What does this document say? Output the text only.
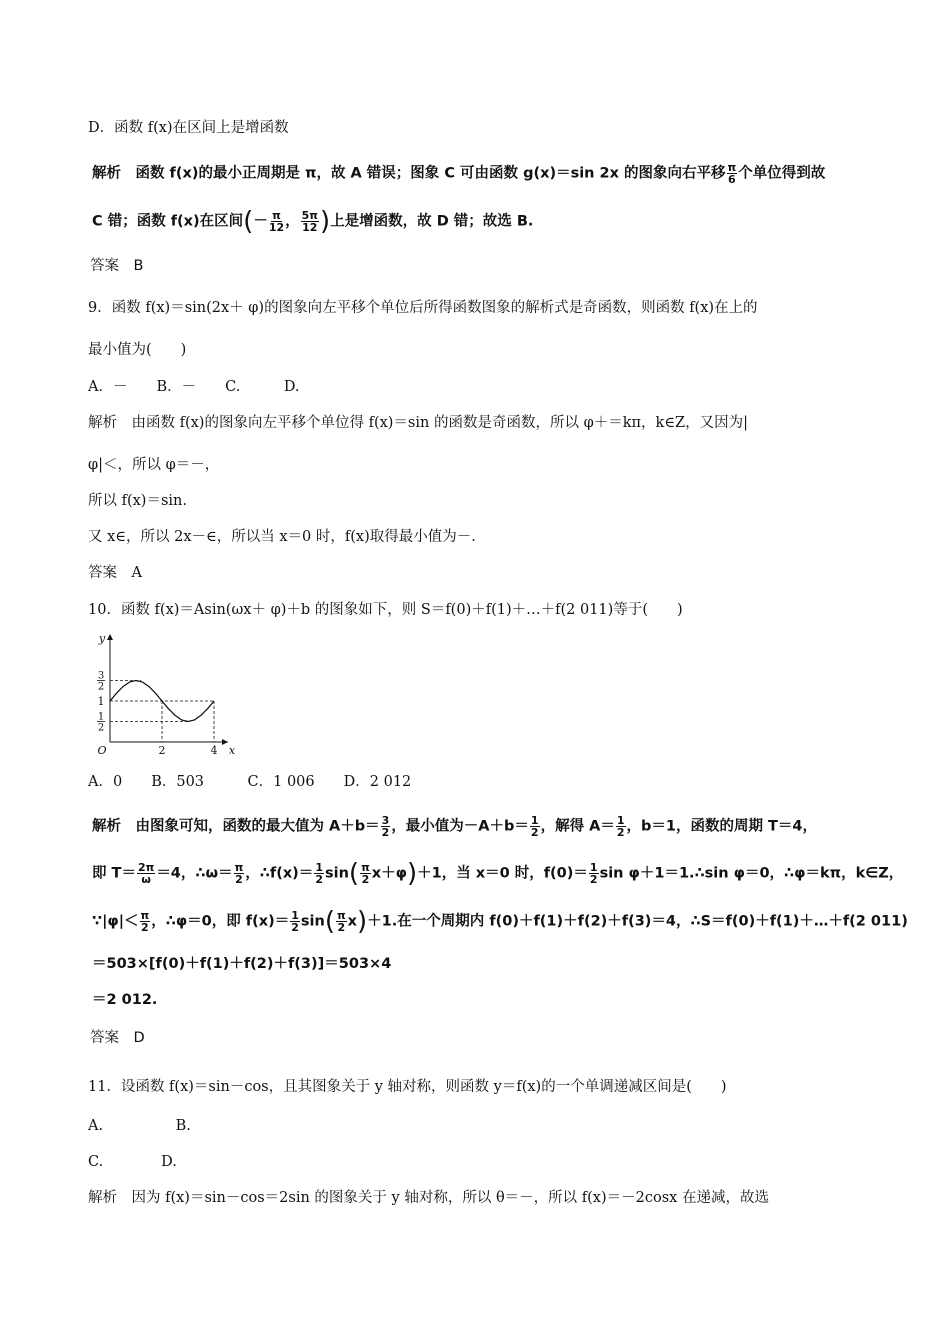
D．函数 f(x)在区间上是增函数
解析　函数 f(x)的最小正周期是 π，故 A 错误；图象 C 可由函数 g(x)＝sin 2x 的图象向右平移 $\frac{\pi}{6}$ 个单位得到故
C 错；函数 f(x)在区间(－ $\frac{\pi}{12}$ ， $\frac{5\pi}{12}$ )上是增函数，故 D 错；故选 B.
答案　B
9．函数 f(x)＝sin(2x＋ φ)的图象向左平移个单位后所得函数图象的解析式是奇函数，则函数 f(x)在上的
最小值为(　　)
A．－　　B．－　　C.　　　D.
解析　由函数 f(x)的图象向左平移个单位得 f(x)＝sin 的函数是奇函数，所以 φ＋＝kπ，k∈Z，又因为|
φ|＜，所以 φ＝－，
所以 f(x)＝sin.
又 x∈，所以 2x－∈，所以当 x＝0 时，f(x)取得最小值为－.
答案　A
10．函数 f(x)＝Asin(ωx＋ φ)＋b 的图象如下，则 S＝f(0)＋f(1)＋…＋f(2 011)等于(　　)
y
x
O	2	4
1
2
1
3
2
A．0　　B．503　　　C．1 006　　D．2 012
解析　由图象可知，函数的最大值为 $A+b= \frac{3}{2}$ ，最小值为$-A+b= \frac{1}{2}$ ，解得 $A= \frac{1}{2}$ ，b＝1，函数的周期 T＝4，
即 $T= \frac{2\pi}{\omega} =4$，∴ω＝ $\frac{\pi}{2}$ ，∴f(x)＝ $\frac{1}{2} \sin( \frac{\pi}{2} x+\varphi)+1$，当 x＝0 时，$f(0)= \frac{1}{2}$ sin φ＋1＝1.∴sin φ＝0，∴φ＝kπ，k∈Z，
∵|φ|＜ $\frac{\pi}{2}$ ，∴φ＝0，即 $f(x)= \frac{1}{2} \sin( \frac{\pi}{2} x)+1$.在一个周期内 f(0)＋f(1)＋f(2)＋f(3)＝4，∴S＝f(0)＋f(1)＋…＋f(2 011)
＝503×[f(0)＋f(1)＋f(2)＋f(3)]＝503×4
＝2 012.
答案　D
11．设函数 f(x)＝sin－cos，且其图象关于 y 轴对称，则函数 y＝f(x)的一个单调递减区间是(　　)
A.　　　　　B.
C.　　　　D.
解析　因为 f(x)＝sin－cos＝2sin 的图象关于 y 轴对称，所以 θ＝－，所以 f(x)＝－2cosx 在递减，故选
